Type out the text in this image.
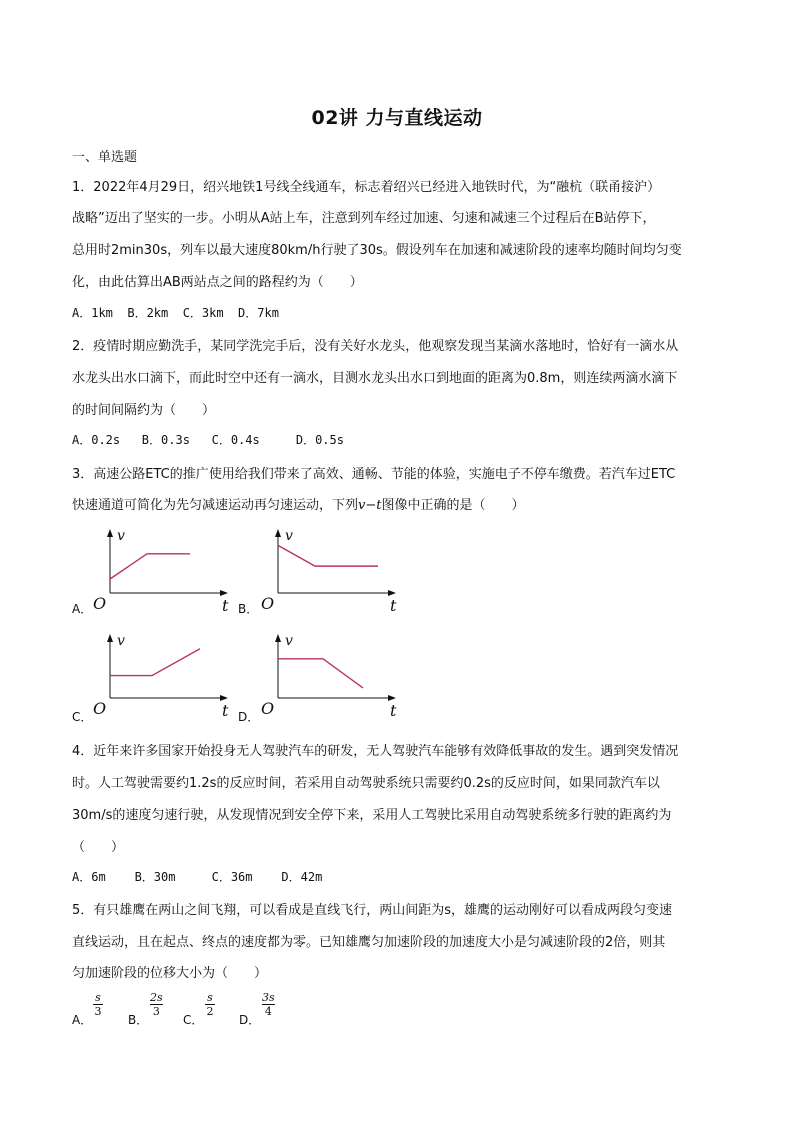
02讲 力与直线运动
一、单选题
1．2022年4月29日，绍兴地铁1号线全线通车，标志着绍兴已经进入地铁时代，为“融杭（联甬接沪）
战略”迈出了坚实的一步。小明从A站上车，注意到列车经过加速、匀速和减速三个过程后在B站停下，
总用时2min30s，列车以最大速度80km/h行驶了30s。假设列车在加速和减速阶段的速率均随时间均匀变
化，由此估算出AB两站点之间的路程约为（　　）
A．1km  B．2km  C．3km  D．7km
2．疫情时期应勤洗手，某同学洗完手后，没有关好水龙头，他观察发现当某滴水落地时，恰好有一滴水从
水龙头出水口滴下，而此时空中还有一滴水，目测水龙头出水口到地面的距离为0.8m，则连续两滴水滴下
的时间间隔约为（　　）
A．0.2s   B．0.3s   C．0.4s     D．0.5s
3．高速公路ETC的推广使用给我们带来了高效、通畅、节能的体验，实施电子不停车缴费。若汽车过ETC
快速通道可简化为先匀减速运动再匀速运动，下列v−t图像中正确的是（　　）
A．
v
O	t B．
v
O	t
C．
v
O	t D．
v
O	t
4．近年来许多国家开始投身无人驾驶汽车的研发，无人驾驶汽车能够有效降低事故的发生。遇到突发情况
时。人工驾驶需要约1.2s的反应时间，若采用自动驾驶系统只需要约0.2s的反应时间，如果同款汽车以
30m/s的速度匀速行驶，从发现情况到安全停下来，采用人工驾驶比采用自动驾驶系统多行驶的距离约为
（　　）
A．6m    B．30m     C．36m    D．42m
5．有只雄鹰在两山之间飞翔，可以看成是直线飞行，两山间距为s，雄鹰的运动刚好可以看成两段匀变速
直线运动，且在起点、终点的速度都为零。已知雄鹰匀加速阶段的加速度大小是匀减速阶段的2倍，则其
匀加速阶段的位移大小为（　　）
A．
s
3
B．
2s
3
C．
s
2
D．
3s
4
